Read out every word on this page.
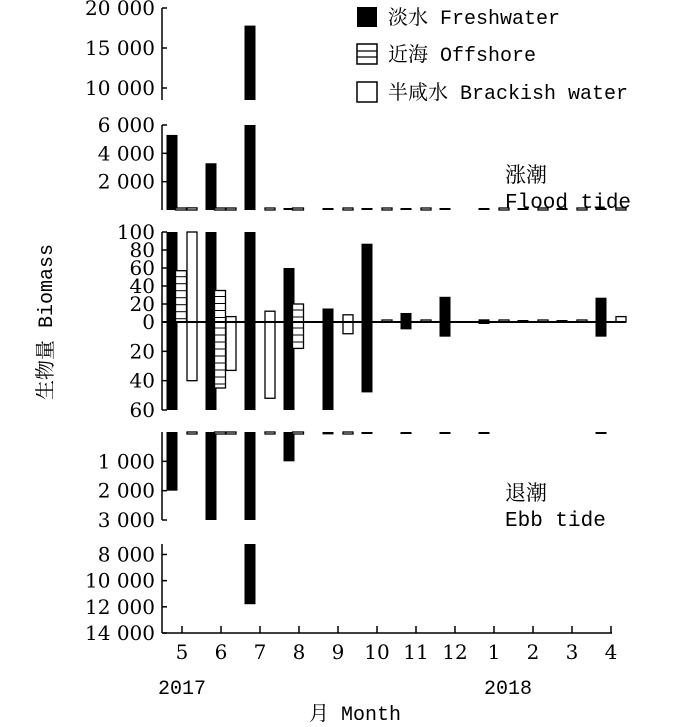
10 000
15 000
20 000
2 000
4 000
6 000
0
20
40
60
80
100
20
40
60
1 000
2 000
3 000
8 000
10 000
12 000
14 000
5 6 7 8 9 10 11 12 1 2 3 4
淡水 Freshwater
近海 Offshore
半咸水 Brackish water
涨潮
Flood tide
退潮
Ebb tide
生物量 Biomass
月 Month
2017	2018
